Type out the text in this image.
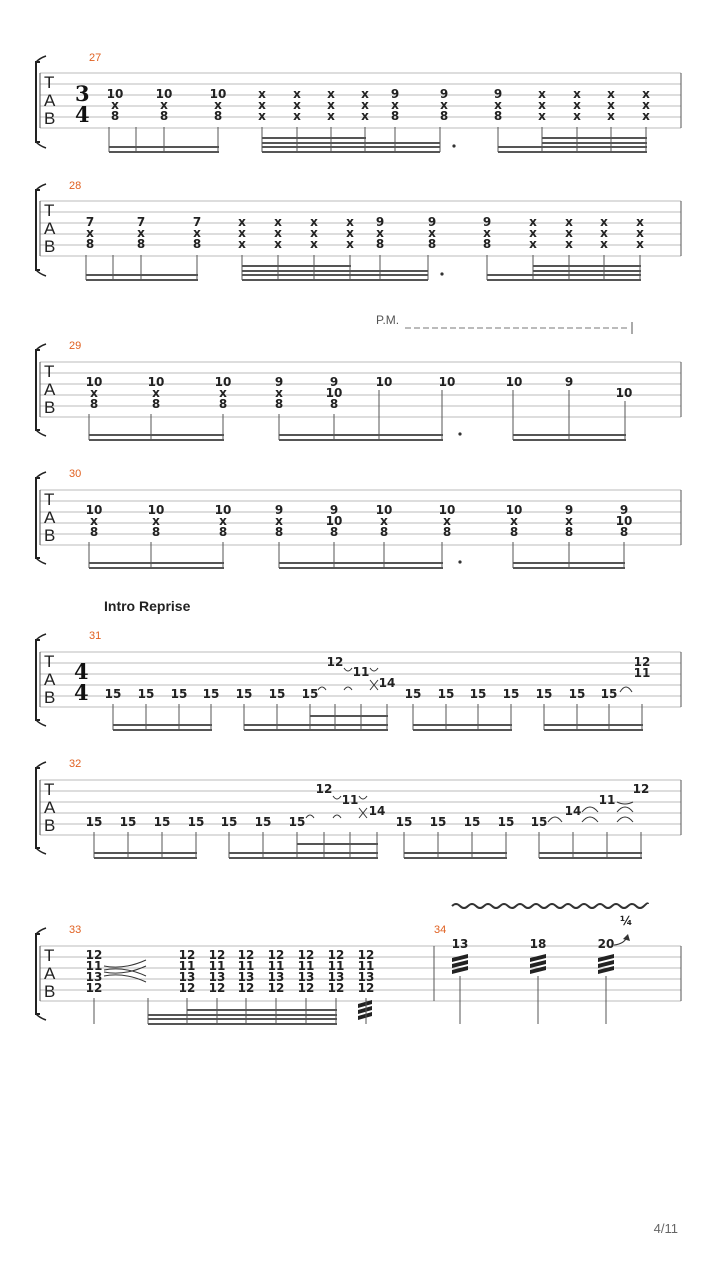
T
A
B
3
4
27
10
x
8
10
x
8
10
x
8
x
x
x
x
x
x
x
x
x
x
x
x
9
x
8
9
x
8
9
x
8
x
x
x
x
x
x
x
x
x
x
x
x
T
A
B
28
7
x
8
7
x
8
7
x
8
x
x
x
x
x
x
x
x
x
x
x
x
9
x
8
9
x
8
9
x
8
x
x
x
x
x
x
x
x
x
x
x
x
P.M.
T
A
B
29
10
x
8
10
x
8
10
x
8
9
x
8
9
10
8
10	10	10	9
10
T
A
B
30
10
x
8
10
x
8
10
x
8
9
x
8
9
10
8
10
x
8
10
x
8
10
x
8
9
x
8
9
10
8
Intro Reprise
T
A
B
4
4
31
15 15 15 15 15 15 15	15 15 15 15 15 15 15
12
11
14
12
11
T
A
B
32
15 15 15 15 15 15 15	15 15 15 15 15
12
11
14	14
11
12
¼
T
A
B
33	34
12
11
13
12
12
11
13
12
12
11
13
12
12
11
13
12
12
11
13
12
12
11
13
12
12
11
13
12
12
11
13
12
13	18	20
4/11
